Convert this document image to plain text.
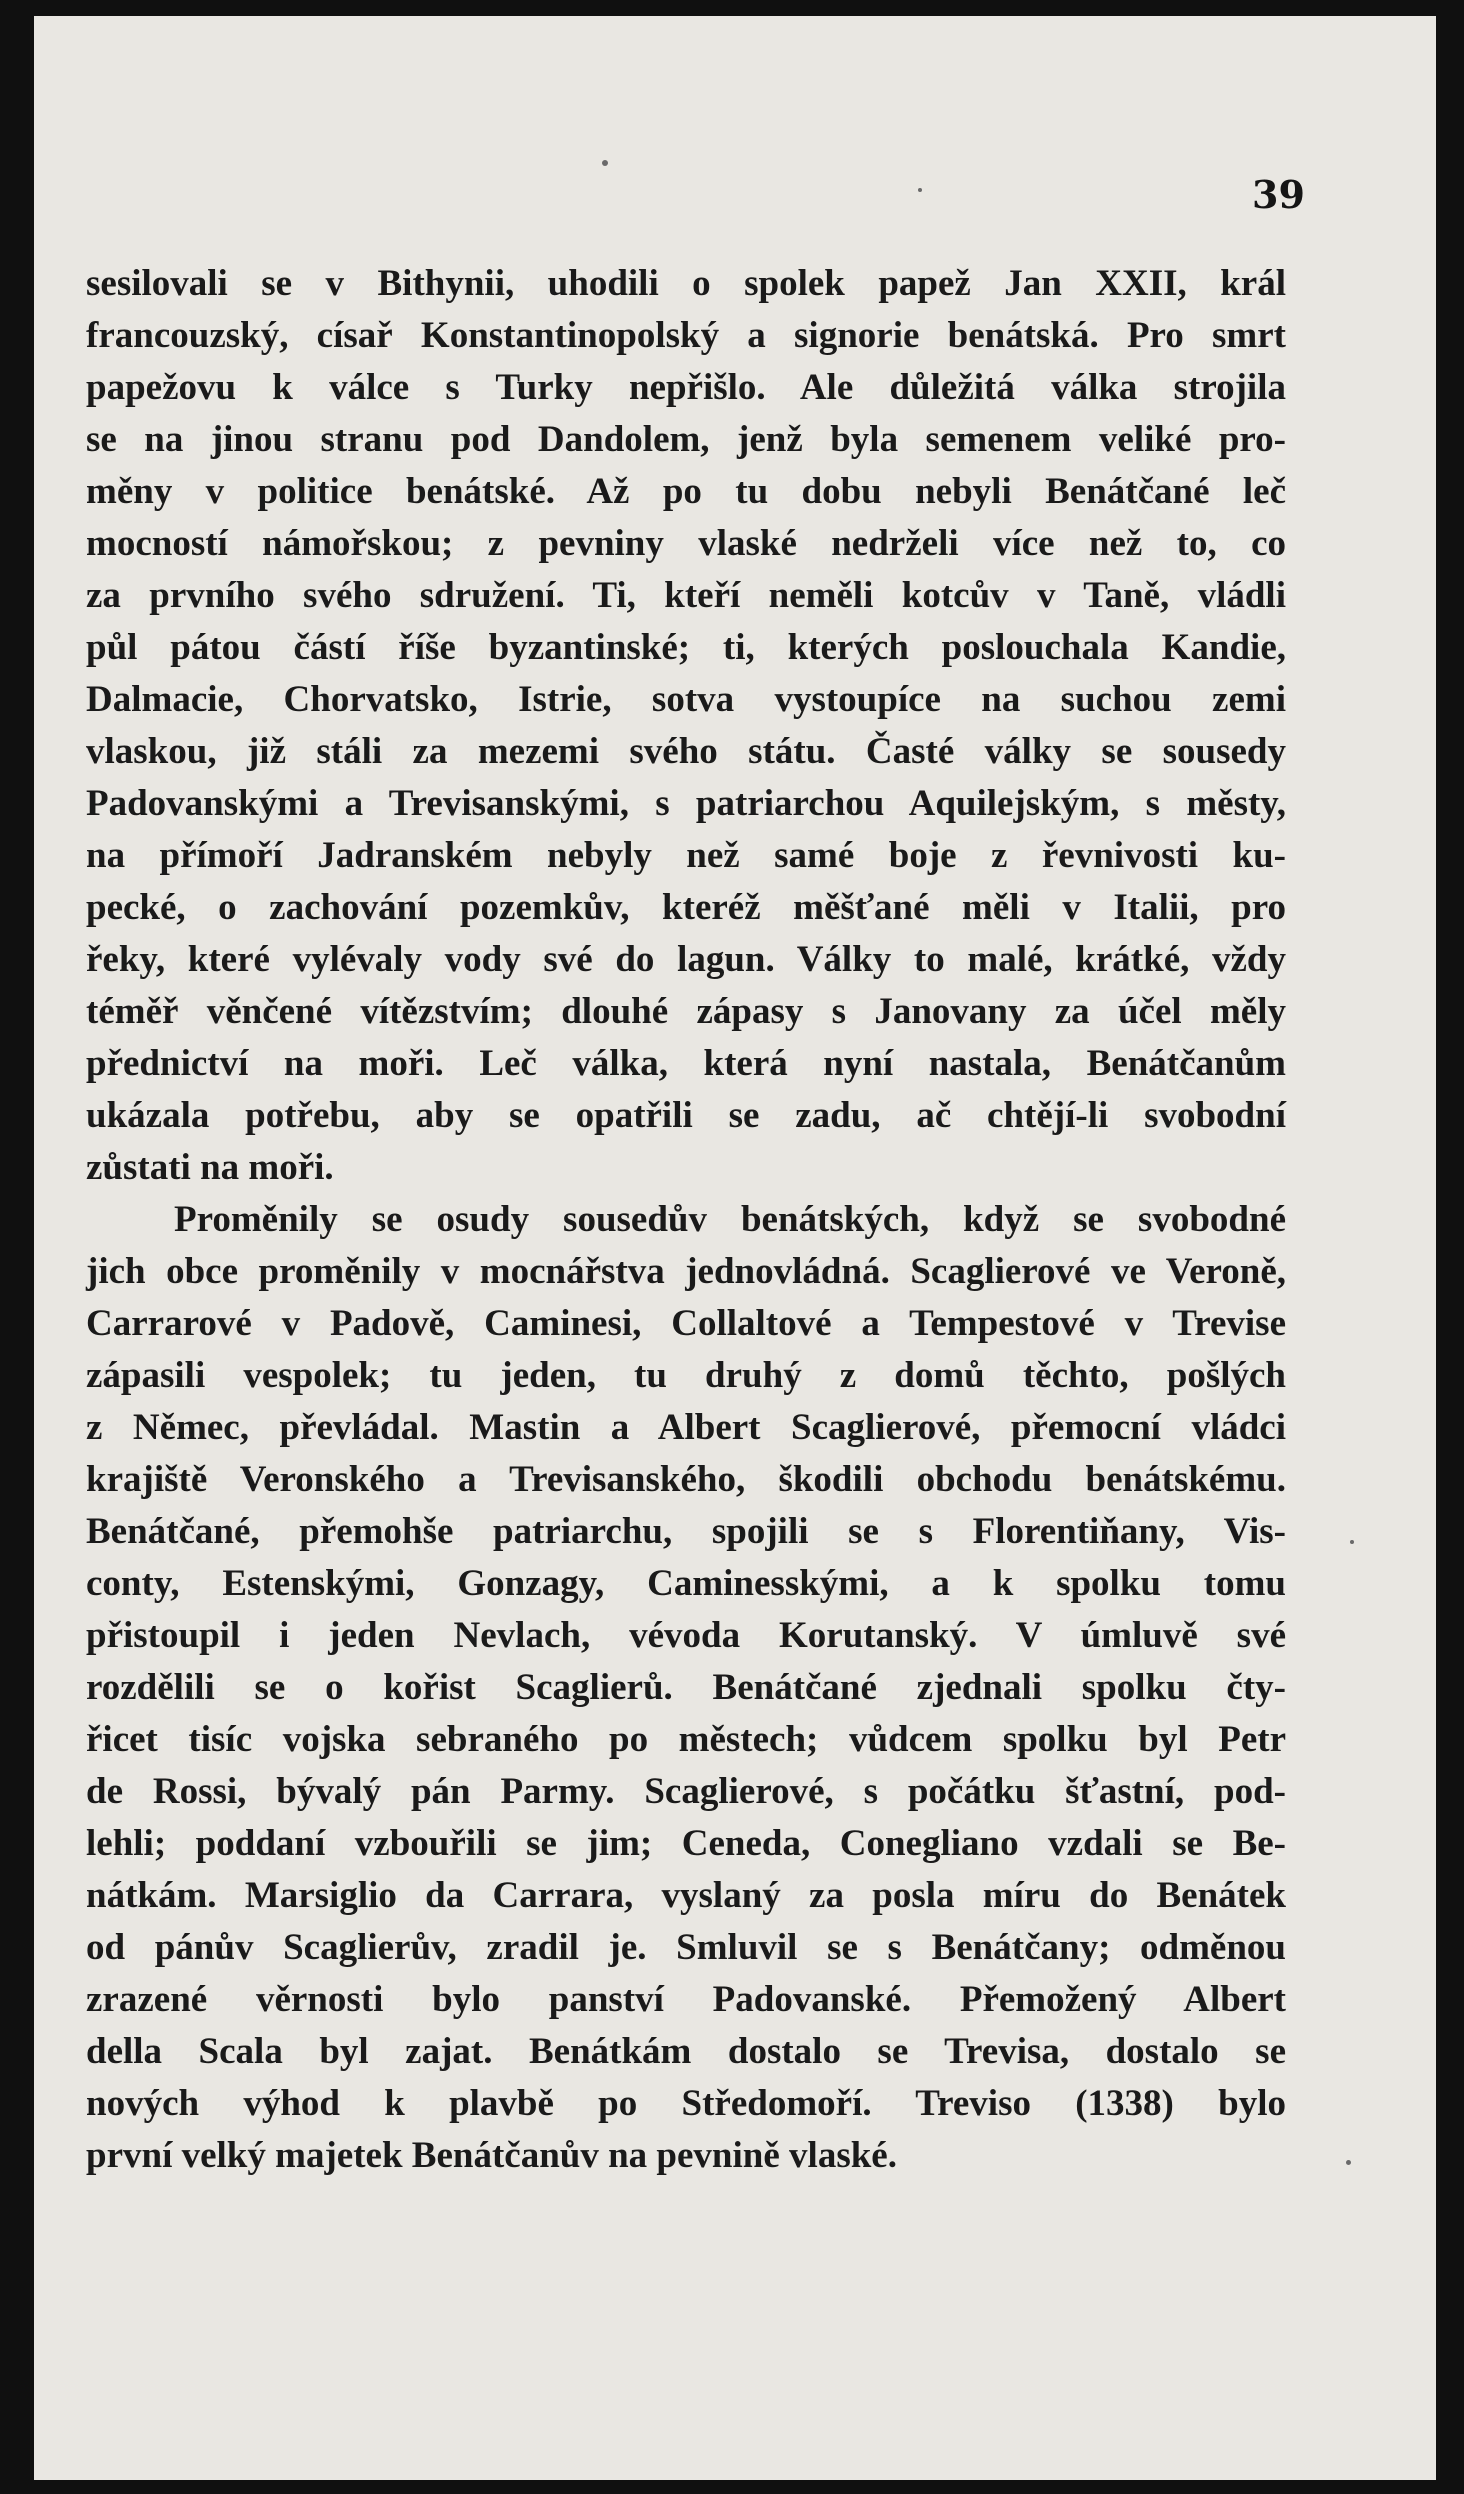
39
sesilovali se v Bithynii, uhodili o spolek papež Jan XXII, král
francouzský, císař Konstantinopolský a signorie benátská. Pro smrt
papežovu k válce s Turky nepřišlo. Ale důležitá válka strojila
se na jinou stranu pod Dandolem, jenž byla semenem veliké pro-
měny v politice benátské. Až po tu dobu nebyli Benátčané leč
mocností námořskou; z pevniny vlaské nedrželi více než to, co
za prvního svého sdružení. Ti, kteří neměli kotcův v Taně, vládli
půl pátou částí říše byzantinské; ti, kterých poslouchala Kandie,
Dalmacie, Chorvatsko, Istrie, sotva vystoupíce na suchou zemi
vlaskou, již stáli za mezemi svého státu. Časté války se sousedy
Padovanskými a Trevisanskými, s patriarchou Aquilejským, s městy,
na přímoří Jadranském nebyly než samé boje z řevnivosti ku-
pecké, o zachování pozemkův, kteréž měšťané měli v Italii, pro
řeky, které vylévaly vody své do lagun. Války to malé, krátké, vždy
téměř věnčené vítězstvím; dlouhé zápasy s Janovany za účel měly
přednictví na moři. Leč válka, která nyní nastala, Benátčanům
ukázala potřebu, aby se opatřili se zadu, ač chtějí-li svobodní
zůstati na moři.
Proměnily se osudy sousedův benátských, když se svobodné
jich obce proměnily v mocnářstva jednovládná. Scaglierové ve Veroně,
Carrarové v Padově, Caminesi, Collaltové a Tempestové v Trevise
zápasili vespolek; tu jeden, tu druhý z domů těchto, pošlých
z Němec, převládal. Mastin a Albert Scaglierové, přemocní vládci
krajiště Veronského a Trevisanského, škodili obchodu benátskému.
Benátčané, přemohše patriarchu, spojili se s Florentiňany, Vis-
conty, Estenskými, Gonzagy, Caminesskými, a k spolku tomu
přistoupil i jeden Nevlach, vévoda Korutanský. V úmluvě své
rozdělili se o kořist Scaglierů. Benátčané zjednali spolku čty-
řicet tisíc vojska sebraného po městech; vůdcem spolku byl Petr
de Rossi, bývalý pán Parmy. Scaglierové, s počátku šťastní, pod-
lehli; poddaní vzbouřili se jim; Ceneda, Conegliano vzdali se Be-
nátkám. Marsiglio da Carrara, vyslaný za posla míru do Benátek
od pánův Scaglierův, zradil je. Smluvil se s Benátčany; odměnou
zrazené věrnosti bylo panství Padovanské. Přemožený Albert
della Scala byl zajat. Benátkám dostalo se Trevisa, dostalo se
nových výhod k plavbě po Středomoří. Treviso (1338) bylo
první velký majetek Benátčanův na pevnině vlaské.
